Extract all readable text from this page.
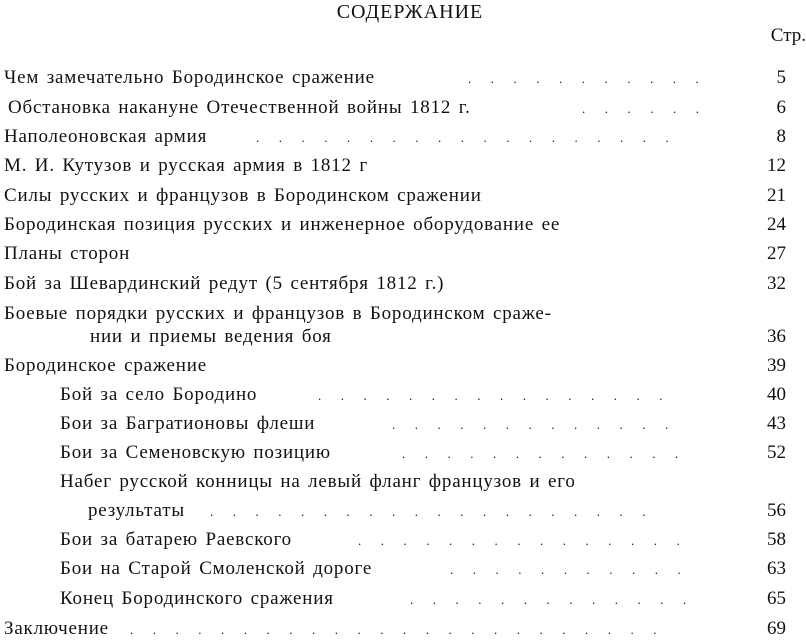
СОДЕРЖАНИЕ
Стр.
Чем замечательно Бородинское сражение	.  .  .  .  .  .  .  .  .  .  .  	5
Обстановка накануне Отечественной войны 1812 г.	.  .  .  .  .  .  	6
Наполеоновская армия	.  .  .  .  .  .  .  .  .  .  .  .  .  .  .  .  .  .  .  	8
М. И. Кутузов и русская армия в 1812 г	12
Силы русских и французов в Бородинском сражении	21
Бородинская позиция русских и инженерное оборудование ее	24
Планы сторон	27
Бой за Шевардинский редут (5 сентября 1812 г.)	32
Боевые порядки русских и французов в Бородинском сраже-
нии и приемы ведения боя	36
Бородинское сражение	39
Бой за село Бородино	.  .  .  .  .  .  .  .  .  .  .  .  .  .  .  .  	40
Бои за Багратионовы флеши	.  .  .  .  .  .  .  .  .  .  .  .  .  	43
Бои за Семеновскую позицию	.  .  .  .  .  .  .  .  .  .  .  .  .  	52
Набег русской конницы на левый фланг французов и его
результаты .  .  .  .  .  .  .  .  .  .  .  .  .  .  .  .  .  .  .  .  	56
Бои за батарею Раевского	.  .  .  .  .  .  .  .  .  .  .  .  .  .  .  	58
Бои на Старой Смоленской дороге	.  .  .  .  .  .  .  .  .  .  .  	63
Конец Бородинского сражения	.  .  .  .  .  .  .  .  .  .  .  .  .  	65
Заключение .  .  .  .  .  .  .  .  .  .  .  .  .  .  .  .  .  .  .  .  .  .  .  .  	69
